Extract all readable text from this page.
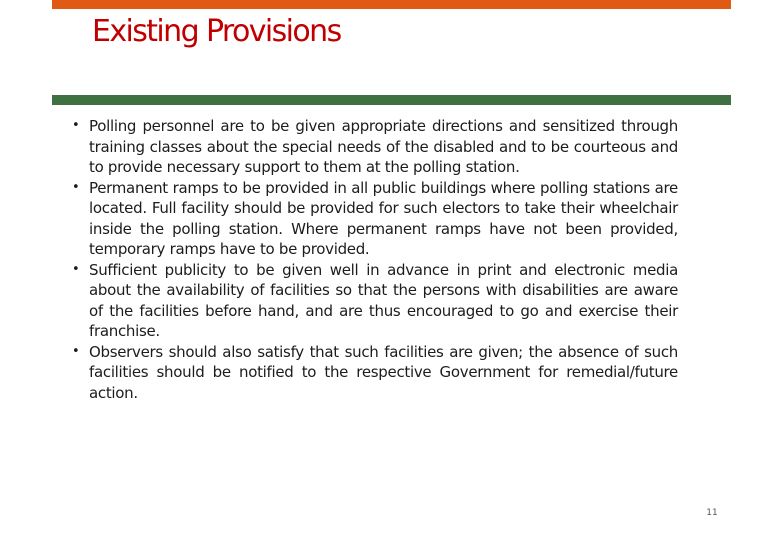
Existing Provisions
• Polling personnel are to be given appropriate directions and sensitized through training classes about the special needs of the disabled and to be courteous and to provide necessary support to them at the polling station.
• Permanent ramps to be provided in all public buildings where polling stations are located. Full facility should be provided for such electors to take their wheelchair inside the polling station. Where permanent ramps have not been provided, temporary ramps have to be provided.
• Sufficient publicity to be given well in advance in print and electronic media about the availability of facilities so that the persons with disabilities are aware of the facilities before hand, and are thus encouraged to go and exercise their franchise.
• Observers should also satisfy that such facilities are given; the absence of such facilities should be notified to the respective Government for remedial/future action.
11
